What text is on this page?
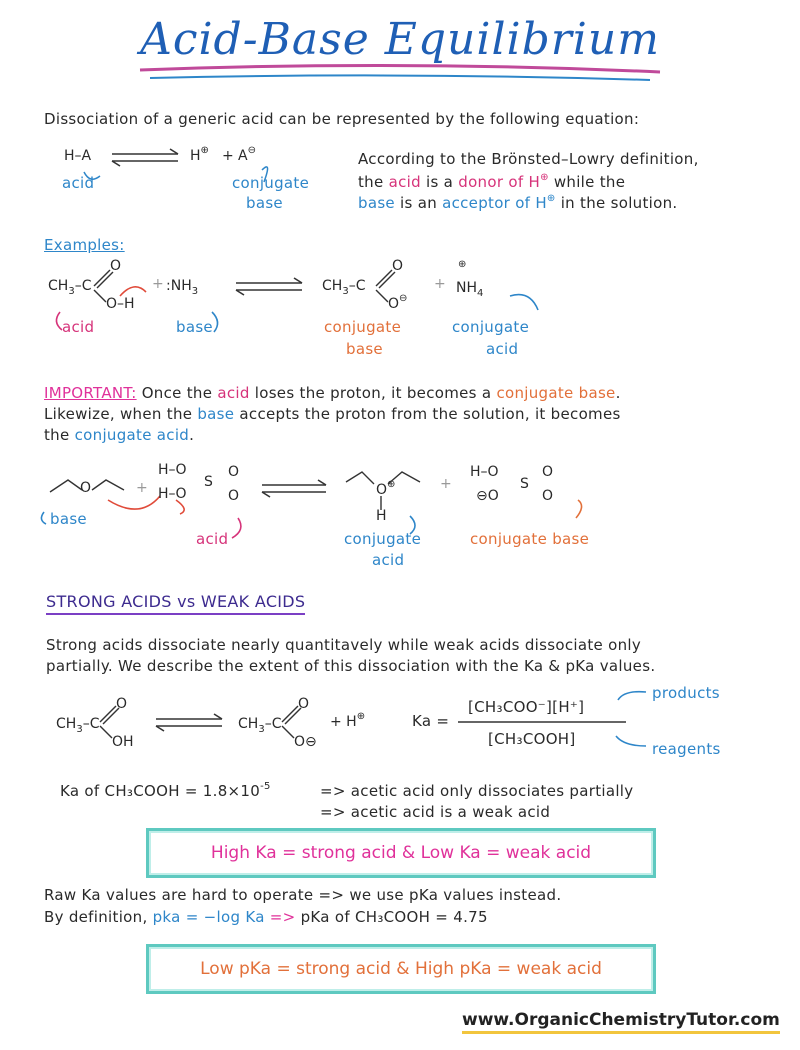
Acid-Base Equilibrium
Dissociation of a generic acid can be represented by the following equation:
H–A	H⊕ + A⊖
acid	conjugate
base
According to the Brönsted–Lowry definition,
the acid is a donor of H⊕ while the
base is an acceptor of H⊕ in the solution.
Examples:
$CH_3-C$
O
O–H
+ $:NH_3$	$CH_3-C$
O
O⊖
+
⊕
$NH_4$
acid	base	conjugate
base
conjugate
acid
IMPORTANT: Once the acid loses the proton, it becomes a conjugate base.
Likewize, when the base accepts the proton from the solution, it becomes
the conjugate acid.
O	+
H–O
H–O
S
O
O	O⊕
H
+
H–O
⊖O
S
O
O
base
acid	conjugate
acid
conjugate base
STRONG ACIDS vs WEAK ACIDS
Strong acids dissociate nearly quantitavely while weak acids dissociate only
partially. We describe the extent of this dissociation with the Ka & pKa values.
$CH_3-C$
O
OH
$CH_3-C$
O
O⊖
+ H⊕	Ka =
[CH₃COO⁻][H⁺]
[CH₃COOH]
products
reagents
Ka of CH₃COOH = $1.8\times 10^{-5}$	=> acetic acid only dissociates partially
=> acetic acid is a weak acid
High Ka = strong acid & Low Ka = weak acid
Raw Ka values are hard to operate => we use pKa values instead.
By definition, pka = −log Ka => pKa of CH₃COOH = 4.75
Low pKa = strong acid & High pKa = weak acid
www.OrganicChemistryTutor.com
